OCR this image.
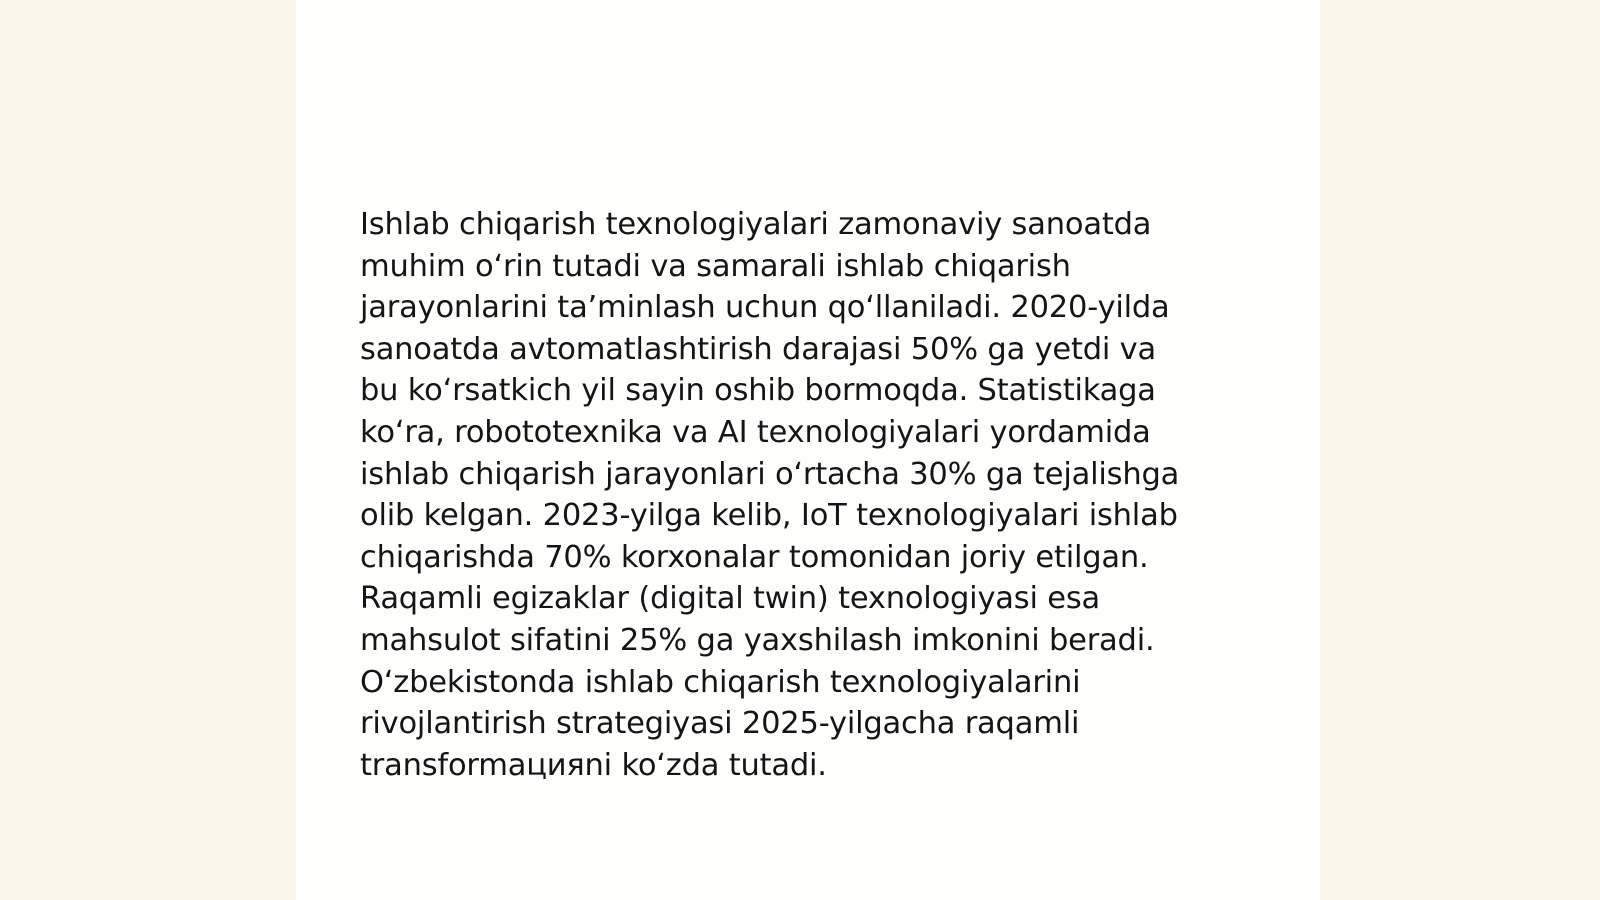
Ishlab chiqarish texnologiyalari zamonaviy sanoatda
muhim oʻrin tutadi va samarali ishlab chiqarish
jarayonlarini taʼminlash uchun qoʻllaniladi. 2020-yilda
sanoatda avtomatlashtirish darajasi 50% ga yetdi va
bu koʻrsatkich yil sayin oshib bormoqda. Statistikaga
koʻra, robototexnika va AI texnologiyalari yordamida
ishlab chiqarish jarayonlari oʻrtacha 30% ga tejalishga
olib kelgan. 2023-yilga kelib, IoT texnologiyalari ishlab
chiqarishda 70% korxonalar tomonidan joriy etilgan.
Raqamli egizaklar (digital twin) texnologiyasi esa
mahsulot sifatini 25% ga yaxshilash imkonini beradi.
Oʻzbekistonda ishlab chiqarish texnologiyalarini
rivojlantirish strategiyasi 2025-yilgacha raqamli
transformацияni koʻzda tutadi.
